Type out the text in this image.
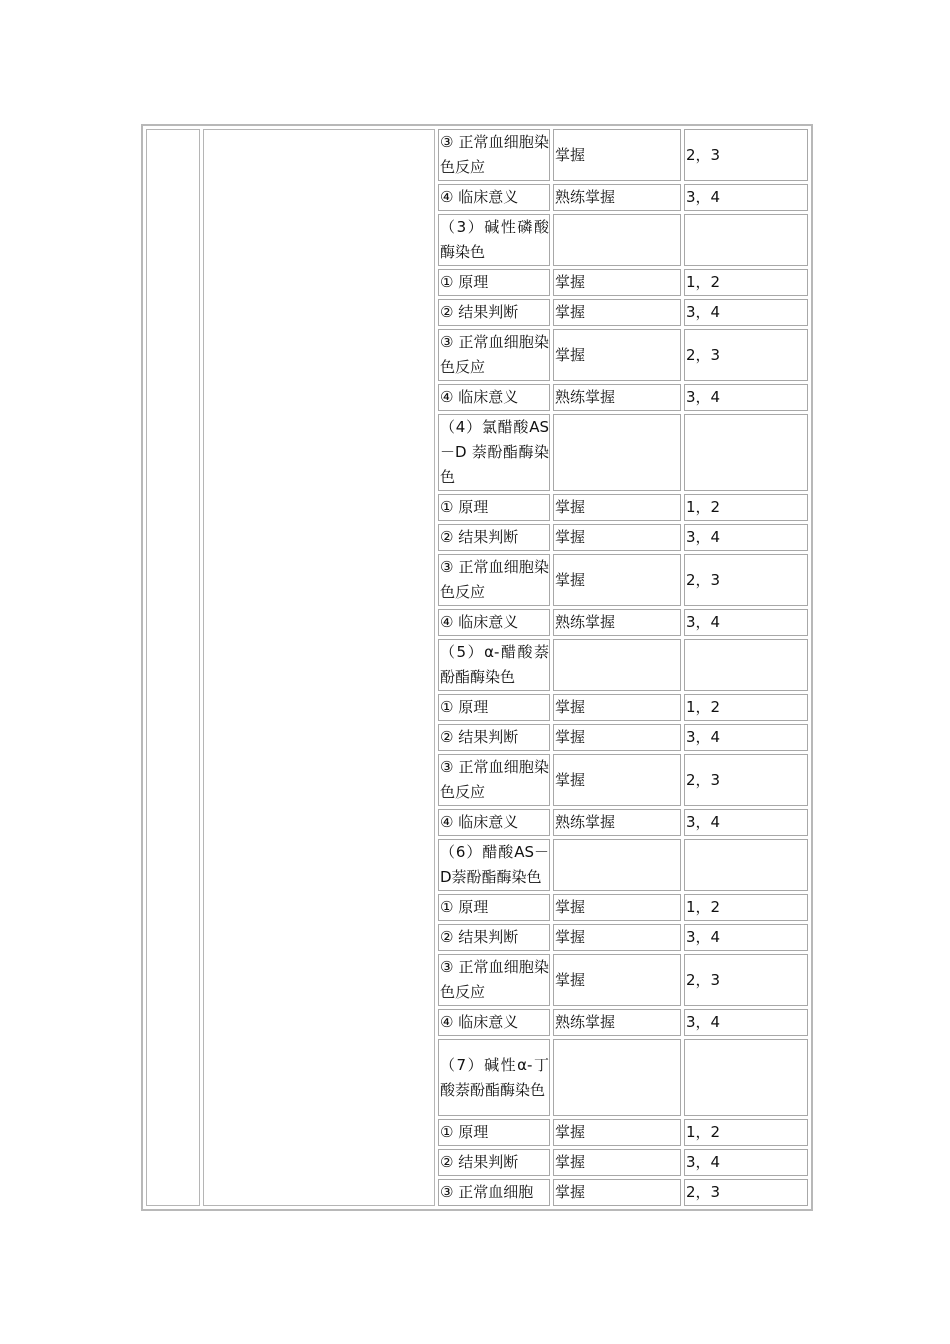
		③ 正常血细胞染色反应	掌握	2，3
		④ 临床意义	熟练掌握	3，4
		（3）碱性磷酸酶染色		
		① 原理	掌握	1，2
		② 结果判断	掌握	3，4
		③ 正常血细胞染色反应	掌握	2，3
		④ 临床意义	熟练掌握	3，4
		（4）氯醋酸AS－D 萘酚酯酶染色		
		① 原理	掌握	1，2
		② 结果判断	掌握	3，4
		③ 正常血细胞染色反应	掌握	2，3
		④ 临床意义	熟练掌握	3，4
		（5）α-醋酸萘酚酯酶染色		
		① 原理	掌握	1，2
		② 结果判断	掌握	3，4
		③ 正常血细胞染色反应	掌握	2，3
		④ 临床意义	熟练掌握	3，4
		（6）醋酸AS－D萘酚酯酶染色		
		① 原理	掌握	1，2
		② 结果判断	掌握	3，4
		③ 正常血细胞染色反应	掌握	2，3
		④ 临床意义	熟练掌握	3，4
		（7）碱性α-丁酸萘酚酯酶染色		
		① 原理	掌握	1，2
		② 结果判断	掌握	3，4
		③ 正常血细胞	掌握	2，3
